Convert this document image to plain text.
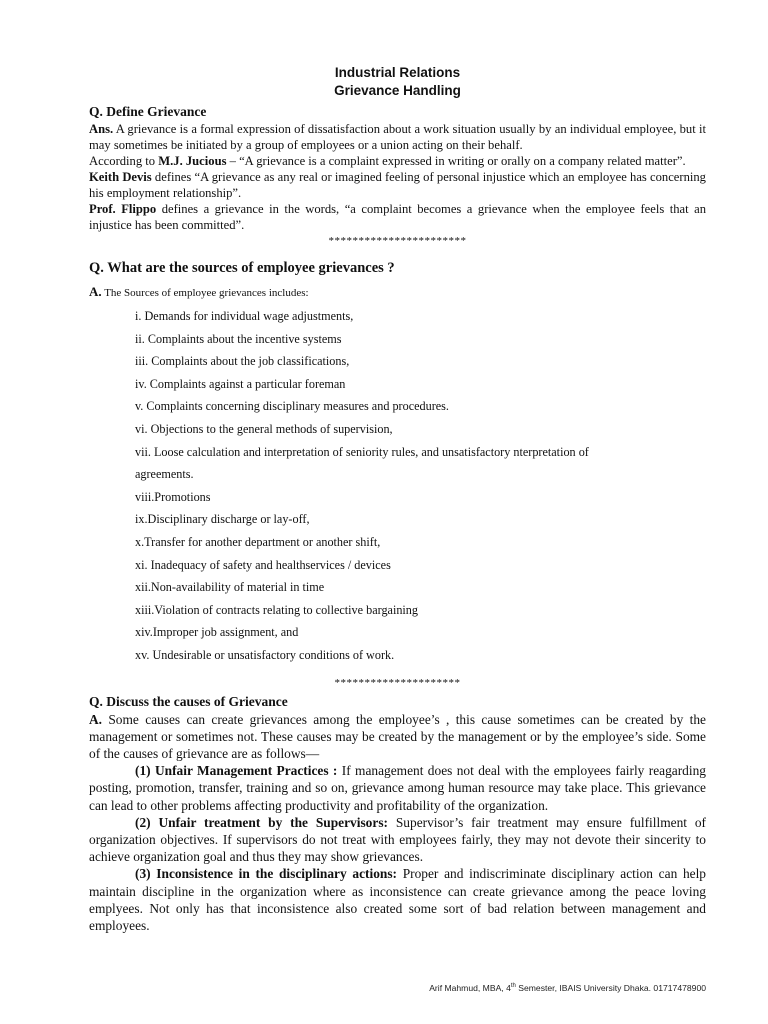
Industrial Relations
Grievance Handling
Q. Define Grievance
Ans. A grievance is a formal expression of dissatisfaction about a work situation usually by an individual employee, but it may sometimes be initiated by a group of employees or a union acting on their behalf.
According to M.J. Jucious – “A grievance is a complaint expressed in writing or orally on a company related matter”.
Keith Devis defines “A grievance as any real or imagined feeling of personal injustice which an employee has concerning his employment relationship”.
Prof. Flippo defines a grievance in the words, “a complaint becomes a grievance when the employee feels that an injustice has been committed”.
***********************
Q. What are the sources of employee grievances ?
A. The Sources of employee grievances includes:
i. Demands for individual wage adjustments,
ii. Complaints about the incentive systems
iii. Complaints about the job classifications,
iv. Complaints against a particular foreman
v. Complaints concerning disciplinary measures and procedures.
vi. Objections to the general methods of supervision,
vii. Loose calculation and interpretation of seniority rules, and unsatisfactory nterpretation of
agreements.
viii.Promotions
ix.Disciplinary discharge or lay-off,
x.Transfer for another department or another shift,
xi. Inadequacy of safety and healthservices / devices
xii.Non-availability of material in time
xiii.Violation of contracts relating to collective bargaining
xiv.Improper job assignment, and
xv. Undesirable or unsatisfactory conditions of work.
*********************
Q. Discuss the causes of Grievance
A. Some causes can create grievances among the employee’s , this cause sometimes can be created by the management or sometimes not. These causes may be created by the management or by the employee’s side. Some of the causes of grievance are as follows—
(1) Unfair Management Practices : If management does not deal with the employees fairly reagarding posting, promotion, transfer, training and so on, grievance among human resource may take place. This grievance can lead to other problems affecting productivity and profitability of the organization.
(2) Unfair treatment by the Supervisors: Supervisor’s fair treatment may ensure fulfillment of organization objectives. If supervisors do not treat with employees fairly, they may not devote their sincerity to achieve organization goal and thus they may show grievances.
(3) Inconsistence in the disciplinary actions: Proper and indiscriminate disciplinary action can help maintain discipline in the organization where as inconsistence can create grievance among the peace loving emplyees. Not only has that inconsistence also created some sort of bad relation between management and employees.
Arif Mahmud, MBA, 4th Semester, IBAIS University Dhaka. 01717478900
